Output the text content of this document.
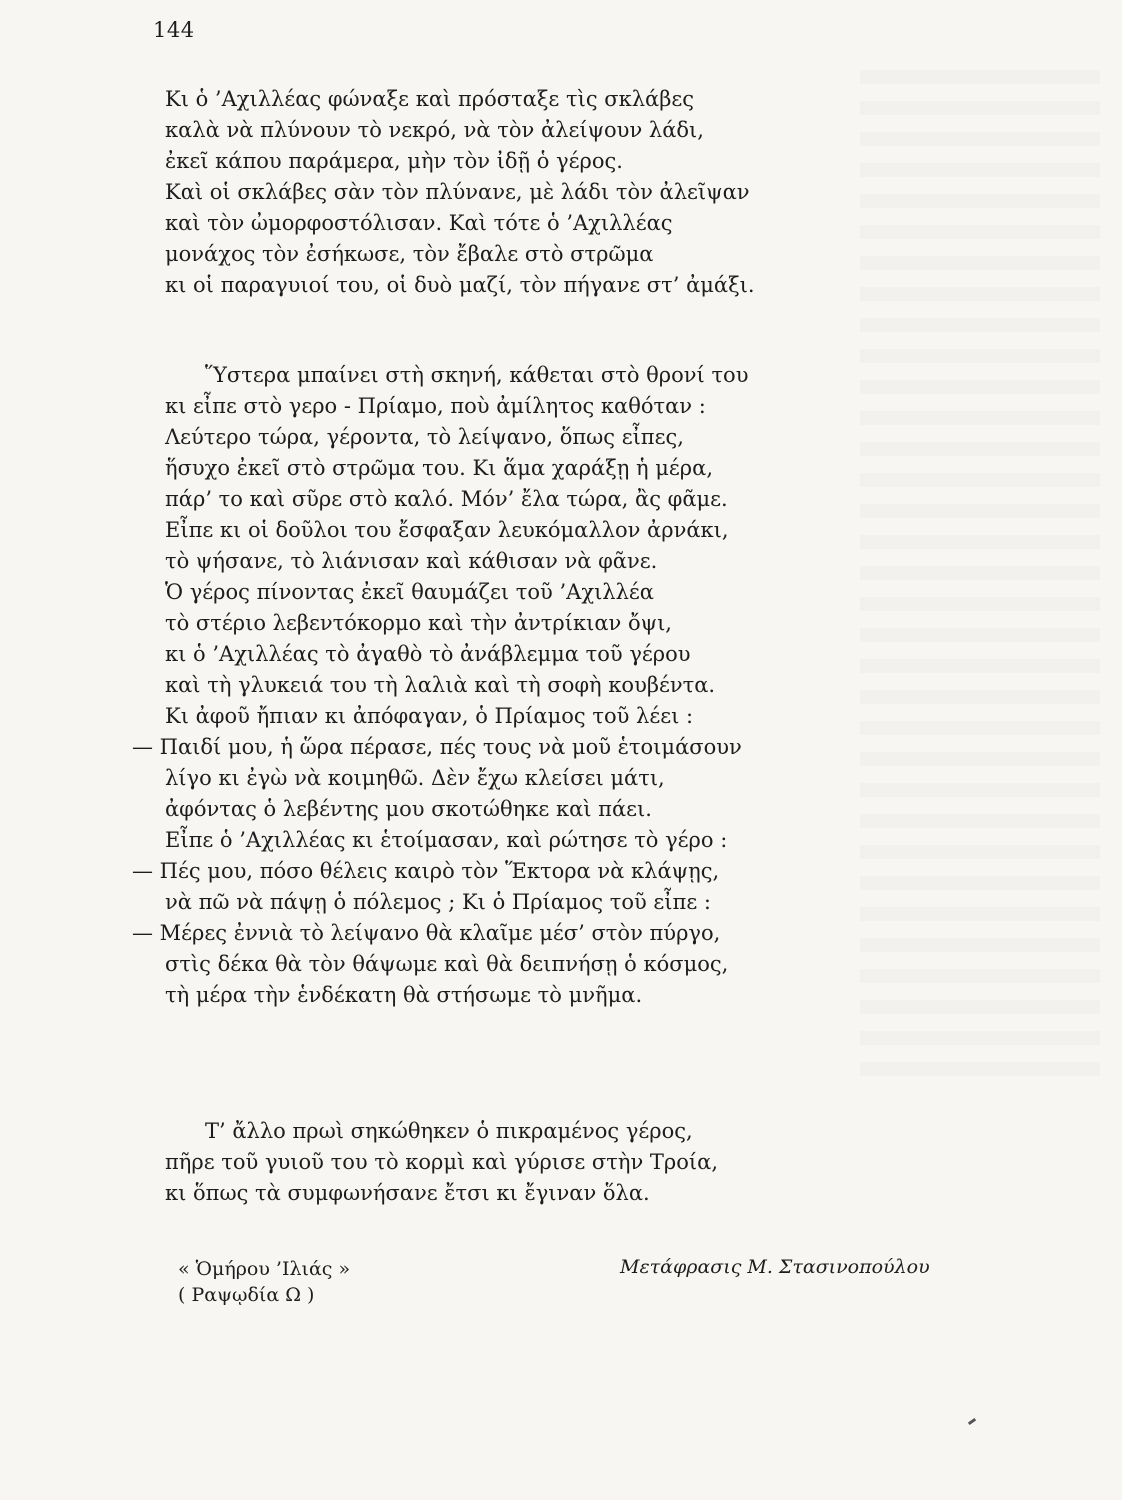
144
Κι ὁ ’Αχιλλέας φώναξε καὶ πρόσταξε τὶς σκλάβες
καλὰ νὰ πλύνουν τὸ νεκρό, νὰ τὸν ἀλείψουν λάδι,
ἐκεῖ κάπου παράμερα, μὴν τὸν ἰδῇ ὁ γέρος.
Καὶ οἱ σκλάβες σὰν τὸν πλύνανε, μὲ λάδι τὸν ἀλεῖψαν
καὶ τὸν ὠμορφοστόλισαν. Καὶ τότε ὁ ’Αχιλλέας
μονάχος τὸν ἐσήκωσε, τὸν ἔβαλε στὸ στρῶμα
κι οἱ παραγυιοί του, οἱ δυὸ μαζί, τὸν πήγανε στ’ ἀμάξι.
Ὕστερα μπαίνει στὴ σκηνή, κάθεται στὸ θρονί του
κι εἶπε στὸ γερο - Πρίαμο, ποὺ ἀμίλητος καθόταν :
Λεύτερο τώρα, γέροντα, τὸ λείψανο, ὅπως εἶπες,
ἥσυχο ἐκεῖ στὸ στρῶμα του. Κι ἅμα χαράξῃ ἡ μέρα,
πάρ’ το καὶ σῦρε στὸ καλό. Μόν’ ἔλα τώρα, ἂς φᾶμε.
Εἶπε κι οἱ δοῦλοι του ἔσφαξαν λευκόμαλλον ἀρνάκι,
τὸ ψήσανε, τὸ λιάνισαν καὶ κάθισαν νὰ φᾶνε.
Ὁ γέρος πίνοντας ἐκεῖ θαυμάζει τοῦ ’Αχιλλέα
τὸ στέριο λεβεντόκορμο καὶ τὴν ἀντρίκιαν ὄψι,
κι ὁ ’Αχιλλέας τὸ ἀγαθὸ τὸ ἀνάβλεμμα τοῦ γέρου
καὶ τὴ γλυκειά του τὴ λαλιὰ καὶ τὴ σοφὴ κουβέντα.
Κι ἀφοῦ ἤπιαν κι ἀπόφαγαν, ὁ Πρίαμος τοῦ λέει :
— Παιδί μου, ἡ ὥρα πέρασε, πές τους νὰ μοῦ ἑτοιμάσουν
λίγο κι ἐγὼ νὰ κοιμηθῶ. Δὲν ἔχω κλείσει μάτι,
ἀφόντας ὁ λεβέντης μου σκοτώθηκε καὶ πάει.
Εἶπε ὁ ’Αχιλλέας κι ἑτοίμασαν, καὶ ρώτησε τὸ γέρο :
— Πές μου, πόσο θέλεις καιρὸ τὸν Ἕκτορα νὰ κλάψῃς,
νὰ πῶ νὰ πάψῃ ὁ πόλεμος ; Κι ὁ Πρίαμος τοῦ εἶπε :
— Μέρες ἐννιὰ τὸ λείψανο θὰ κλαῖμε μέσ’ στὸν πύργο,
στὶς δέκα θὰ τὸν θάψωμε καὶ θὰ δειπνήσῃ ὁ κόσμος,
τὴ μέρα τὴν ἑνδέκατη θὰ στήσωμε τὸ μνῆμα.
Τ’ ἄλλο πρωὶ σηκώθηκεν ὁ πικραμένος γέρος,
πῆρε τοῦ γυιοῦ του τὸ κορμὶ καὶ γύρισε στὴν Τροία,
κι ὅπως τὰ συμφωνήσανε ἔτσι κι ἔγιναν ὅλα.
« Ὁμήρου ’Ιλιάς »
( Ραψῳδία Ω )
Μετάφρασις Μ. Στασινοπούλου
